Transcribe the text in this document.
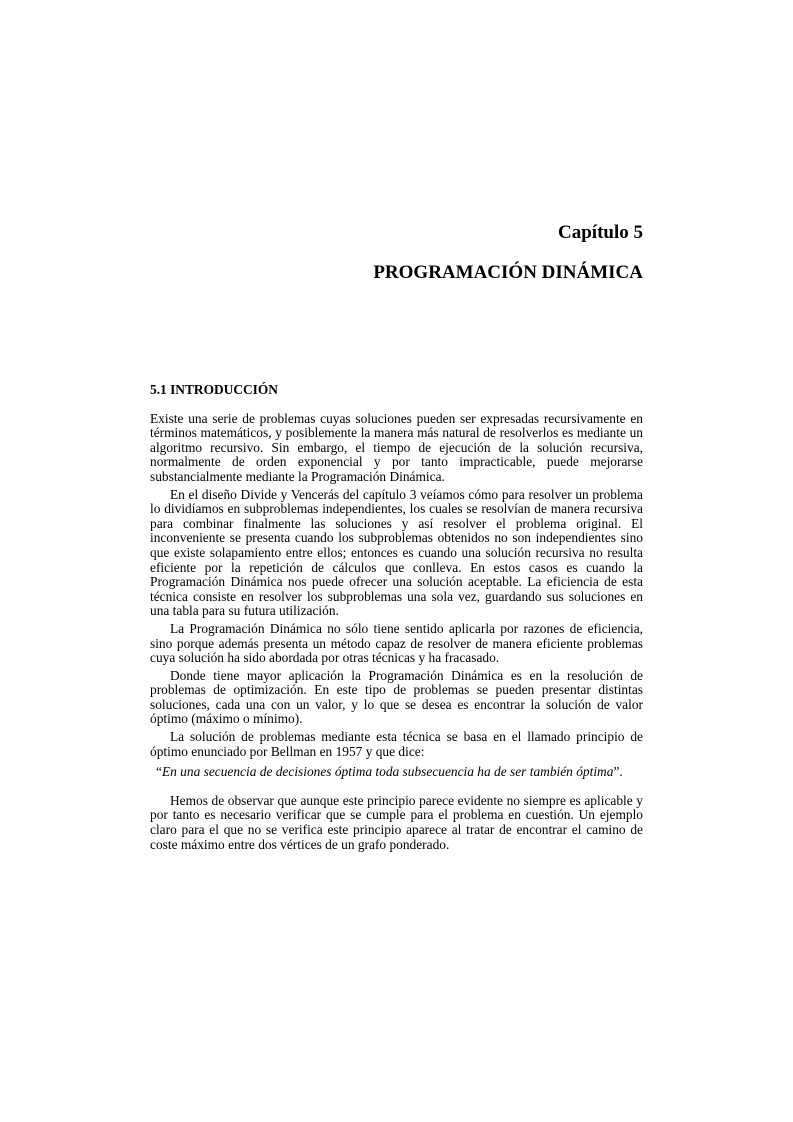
Capítulo 5
PROGRAMACIÓN DINÁMICA
5.1 INTRODUCCIÓN

Existe una serie de problemas cuyas soluciones pueden ser expresadas recursivamente en términos matemáticos, y posiblemente la manera más natural de resolverlos es mediante un algoritmo recursivo. Sin embargo, el tiempo de ejecución de la solución recursiva, normalmente de orden exponencial y por tanto impracticable, puede mejorarse substancialmente mediante la Programación Dinámica.

En el diseño Divide y Vencerás del capítulo 3 veíamos cómo para resolver un problema lo dividíamos en subproblemas independientes, los cuales se resolvían de manera recursiva para combinar finalmente las soluciones y así resolver el problema original. El inconveniente se presenta cuando los subproblemas obtenidos no son independientes sino que existe solapamiento entre ellos; entonces es cuando una solución recursiva no resulta eficiente por la repetición de cálculos que conlleva. En estos casos es cuando la Programación Dinámica nos puede ofrecer una solución aceptable. La eficiencia de esta técnica consiste en resolver los subproblemas una sola vez, guardando sus soluciones en una tabla para su futura utilización.

La Programación Dinámica no sólo tiene sentido aplicarla por razones de eficiencia, sino porque además presenta un método capaz de resolver de manera eficiente problemas cuya solución ha sido abordada por otras técnicas y ha fracasado.

Donde tiene mayor aplicación la Programación Dinámica es en la resolución de problemas de optimización. En este tipo de problemas se pueden presentar distintas soluciones, cada una con un valor, y lo que se desea es encontrar la solución de valor óptimo (máximo o mínimo).

La solución de problemas mediante esta técnica se basa en el llamado principio de óptimo enunciado por Bellman en 1957 y que dice:

“En una secuencia de decisiones óptima toda subsecuencia ha de ser también óptima”.

Hemos de observar que aunque este principio parece evidente no siempre es aplicable y por tanto es necesario verificar que se cumple para el problema en cuestión. Un ejemplo claro para el que no se verifica este principio aparece al tratar de encontrar el camino de coste máximo entre dos vértices de un grafo ponderado.
